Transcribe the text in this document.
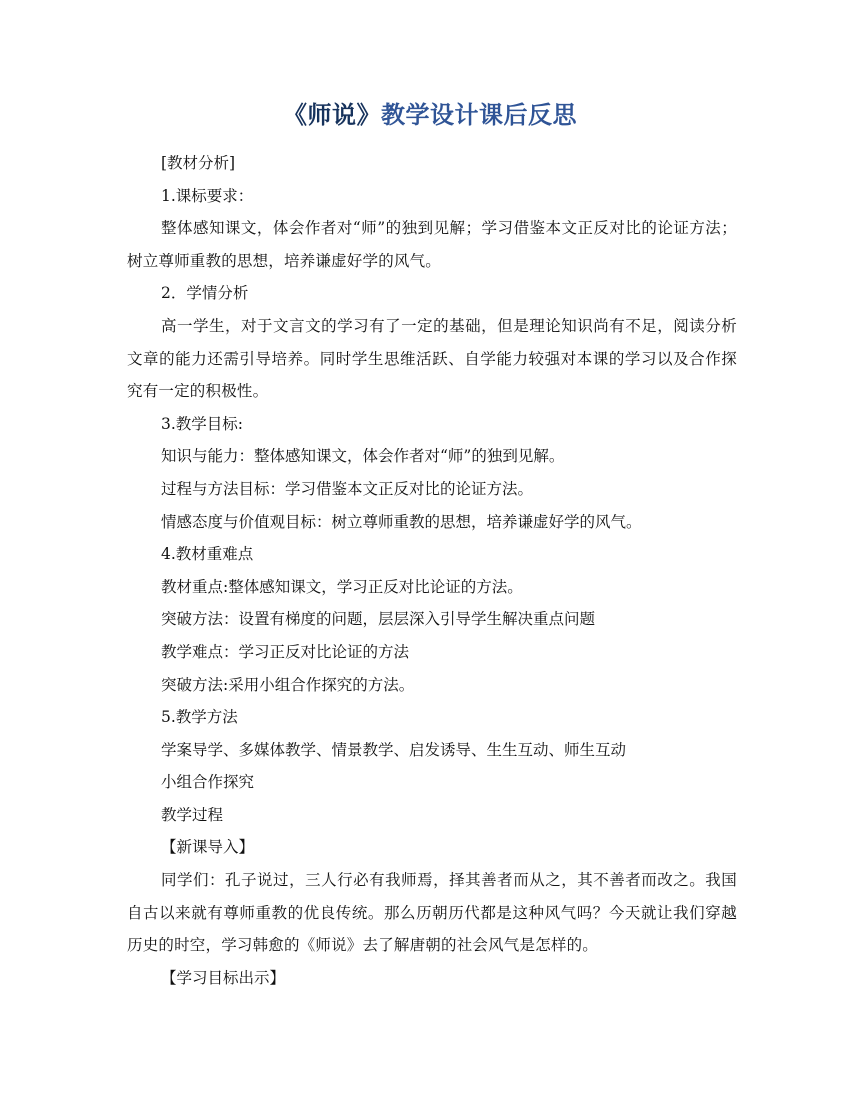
《师说》教学设计课后反思
[教材分析]
1.课标要求：
整体感知课文，体会作者对“师”的独到见解；学习借鉴本文正反对比的论证方法；树立尊师重教的思想，培养谦虚好学的风气。
2．学情分析
高一学生，对于文言文的学习有了一定的基础，但是理论知识尚有不足，阅读分析文章的能力还需引导培养。同时学生思维活跃、自学能力较强对本课的学习以及合作探究有一定的积极性。
3.教学目标:
知识与能力：整体感知课文，体会作者对“师”的独到见解。
过程与方法目标：学习借鉴本文正反对比的论证方法。
情感态度与价值观目标：树立尊师重教的思想，培养谦虚好学的风气。
4.教材重难点
教材重点:整体感知课文，学习正反对比论证的方法。
突破方法：设置有梯度的问题，层层深入引导学生解决重点问题
教学难点：学习正反对比论证的方法
突破方法:采用小组合作探究的方法。
5.教学方法
学案导学、多媒体教学、情景教学、启发诱导、生生互动、师生互动
小组合作探究
教学过程
【新课导入】
同学们：孔子说过，三人行必有我师焉，择其善者而从之，其不善者而改之。我国自古以来就有尊师重教的优良传统。那么历朝历代都是这种风气吗？今天就让我们穿越历史的时空，学习韩愈的《师说》去了解唐朝的社会风气是怎样的。
【学习目标出示】
